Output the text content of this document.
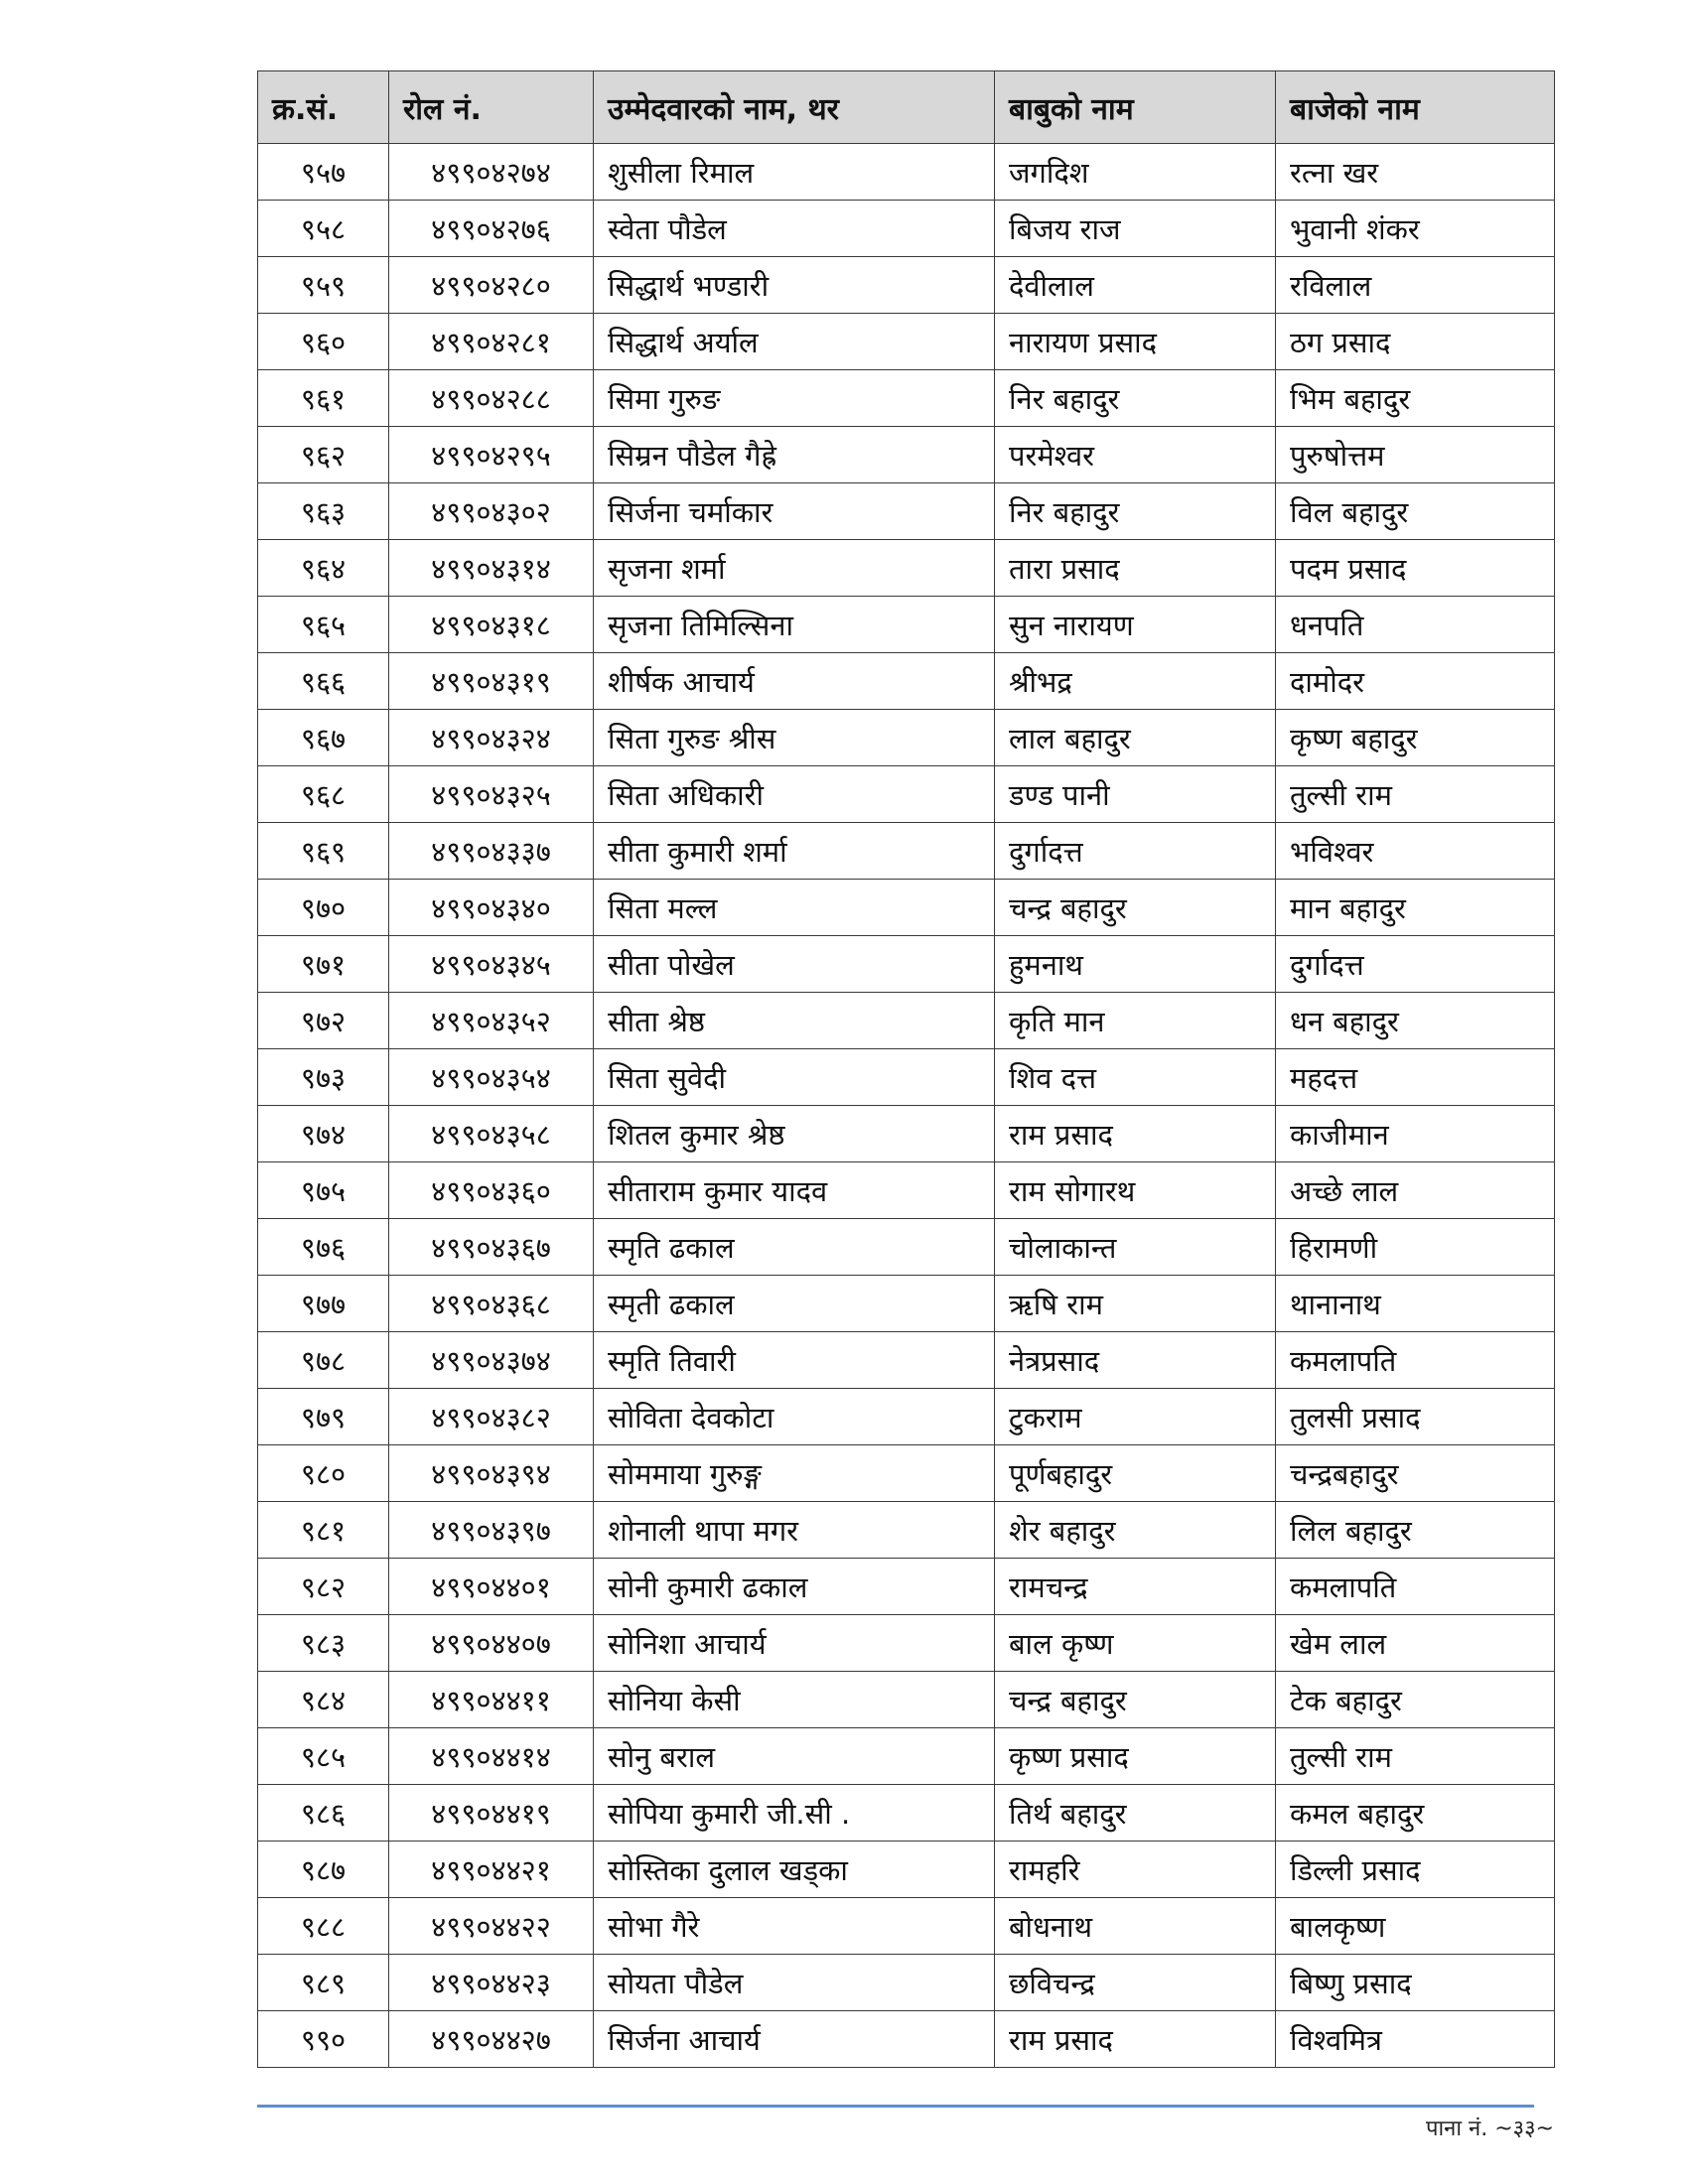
क्र.सं.	रोल नं.	उम्मेदवारको नाम, थर	बाबुको नाम	बाजेको नाम
९५७	४९९०४२७४	शुसीला रिमाल	जगदिश	रत्ना खर
९५८	४९९०४२७६	स्वेता पौडेल	बिजय राज	भुवानी शंकर
९५९	४९९०४२८०	सिद्धार्थ भण्डारी	देवीलाल	रविलाल
९६०	४९९०४२८१	सिद्धार्थ अर्याल	नारायण प्रसाद	ठग प्रसाद
९६१	४९९०४२८८	सिमा गुरुङ	निर बहादुर	भिम बहादुर
९६२	४९९०४२९५	सिम्रन पौडेल गैह्रे	परमेश्वर	पुरुषोत्तम
९६३	४९९०४३०२	सिर्जना चर्माकार	निर बहादुर	विल बहादुर
९६४	४९९०४३१४	सृजना शर्मा	तारा प्रसाद	पदम प्रसाद
९६५	४९९०४३१८	सृजना तिमिल्सिना	सुन नारायण	धनपति
९६६	४९९०४३१९	शीर्षक आचार्य	श्रीभद्र	दामोदर
९६७	४९९०४३२४	सिता गुरुङ श्रीस	लाल बहादुर	कृष्ण बहादुर
९६८	४९९०४३२५	सिता अधिकारी	डण्ड पानी	तुल्सी राम
९६९	४९९०४३३७	सीता कुमारी शर्मा	दुर्गादत्त	भविश्वर
९७०	४९९०४३४०	सिता मल्ल	चन्द्र बहादुर	मान बहादुर
९७१	४९९०४३४५	सीता पोखेल	हुमनाथ	दुर्गादत्त
९७२	४९९०४३५२	सीता श्रेष्ठ	कृति मान	धन बहादुर
९७३	४९९०४३५४	सिता सुवेदी	शिव दत्त	महदत्त
९७४	४९९०४३५८	शितल कुमार श्रेष्ठ	राम प्रसाद	काजीमान
९७५	४९९०४३६०	सीताराम कुमार यादव	राम सोगारथ	अच्छे लाल
९७६	४९९०४३६७	स्मृति ढकाल	चोलाकान्त	हिरामणी
९७७	४९९०४३६८	स्मृती ढकाल	ऋषि राम	थानानाथ
९७८	४९९०४३७४	स्मृति तिवारी	नेत्रप्रसाद	कमलापति
९७९	४९९०४३८२	सोविता देवकोटा	टुकराम	तुलसी प्रसाद
९८०	४९९०४३९४	सोममाया गुरुङ्ग	पूर्णबहादुर	चन्द्रबहादुर
९८१	४९९०४३९७	शोनाली थापा मगर	शेर बहादुर	लिल बहादुर
९८२	४९९०४४०१	सोनी कुमारी ढकाल	रामचन्द्र	कमलापति
९८३	४९९०४४०७	सोनिशा आचार्य	बाल कृष्ण	खेम लाल
९८४	४९९०४४११	सोनिया केसी	चन्द्र बहादुर	टेक बहादुर
९८५	४९९०४४१४	सोनु बराल	कृष्ण प्रसाद	तुल्सी राम
९८६	४९९०४४१९	सोपिया कुमारी जी.सी .	तिर्थ बहादुर	कमल बहादुर
९८७	४९९०४४२१	सोस्तिका दुलाल खड्का	रामहरि	डिल्ली प्रसाद
९८८	४९९०४४२२	सोभा गैरे	बोधनाथ	बालकृष्ण
९८९	४९९०४४२३	सोयता पौडेल	छविचन्द्र	बिष्णु प्रसाद
९९०	४९९०४४२७	सिर्जना आचार्य	राम प्रसाद	विश्वमित्र
पाना नं. ~३३~
